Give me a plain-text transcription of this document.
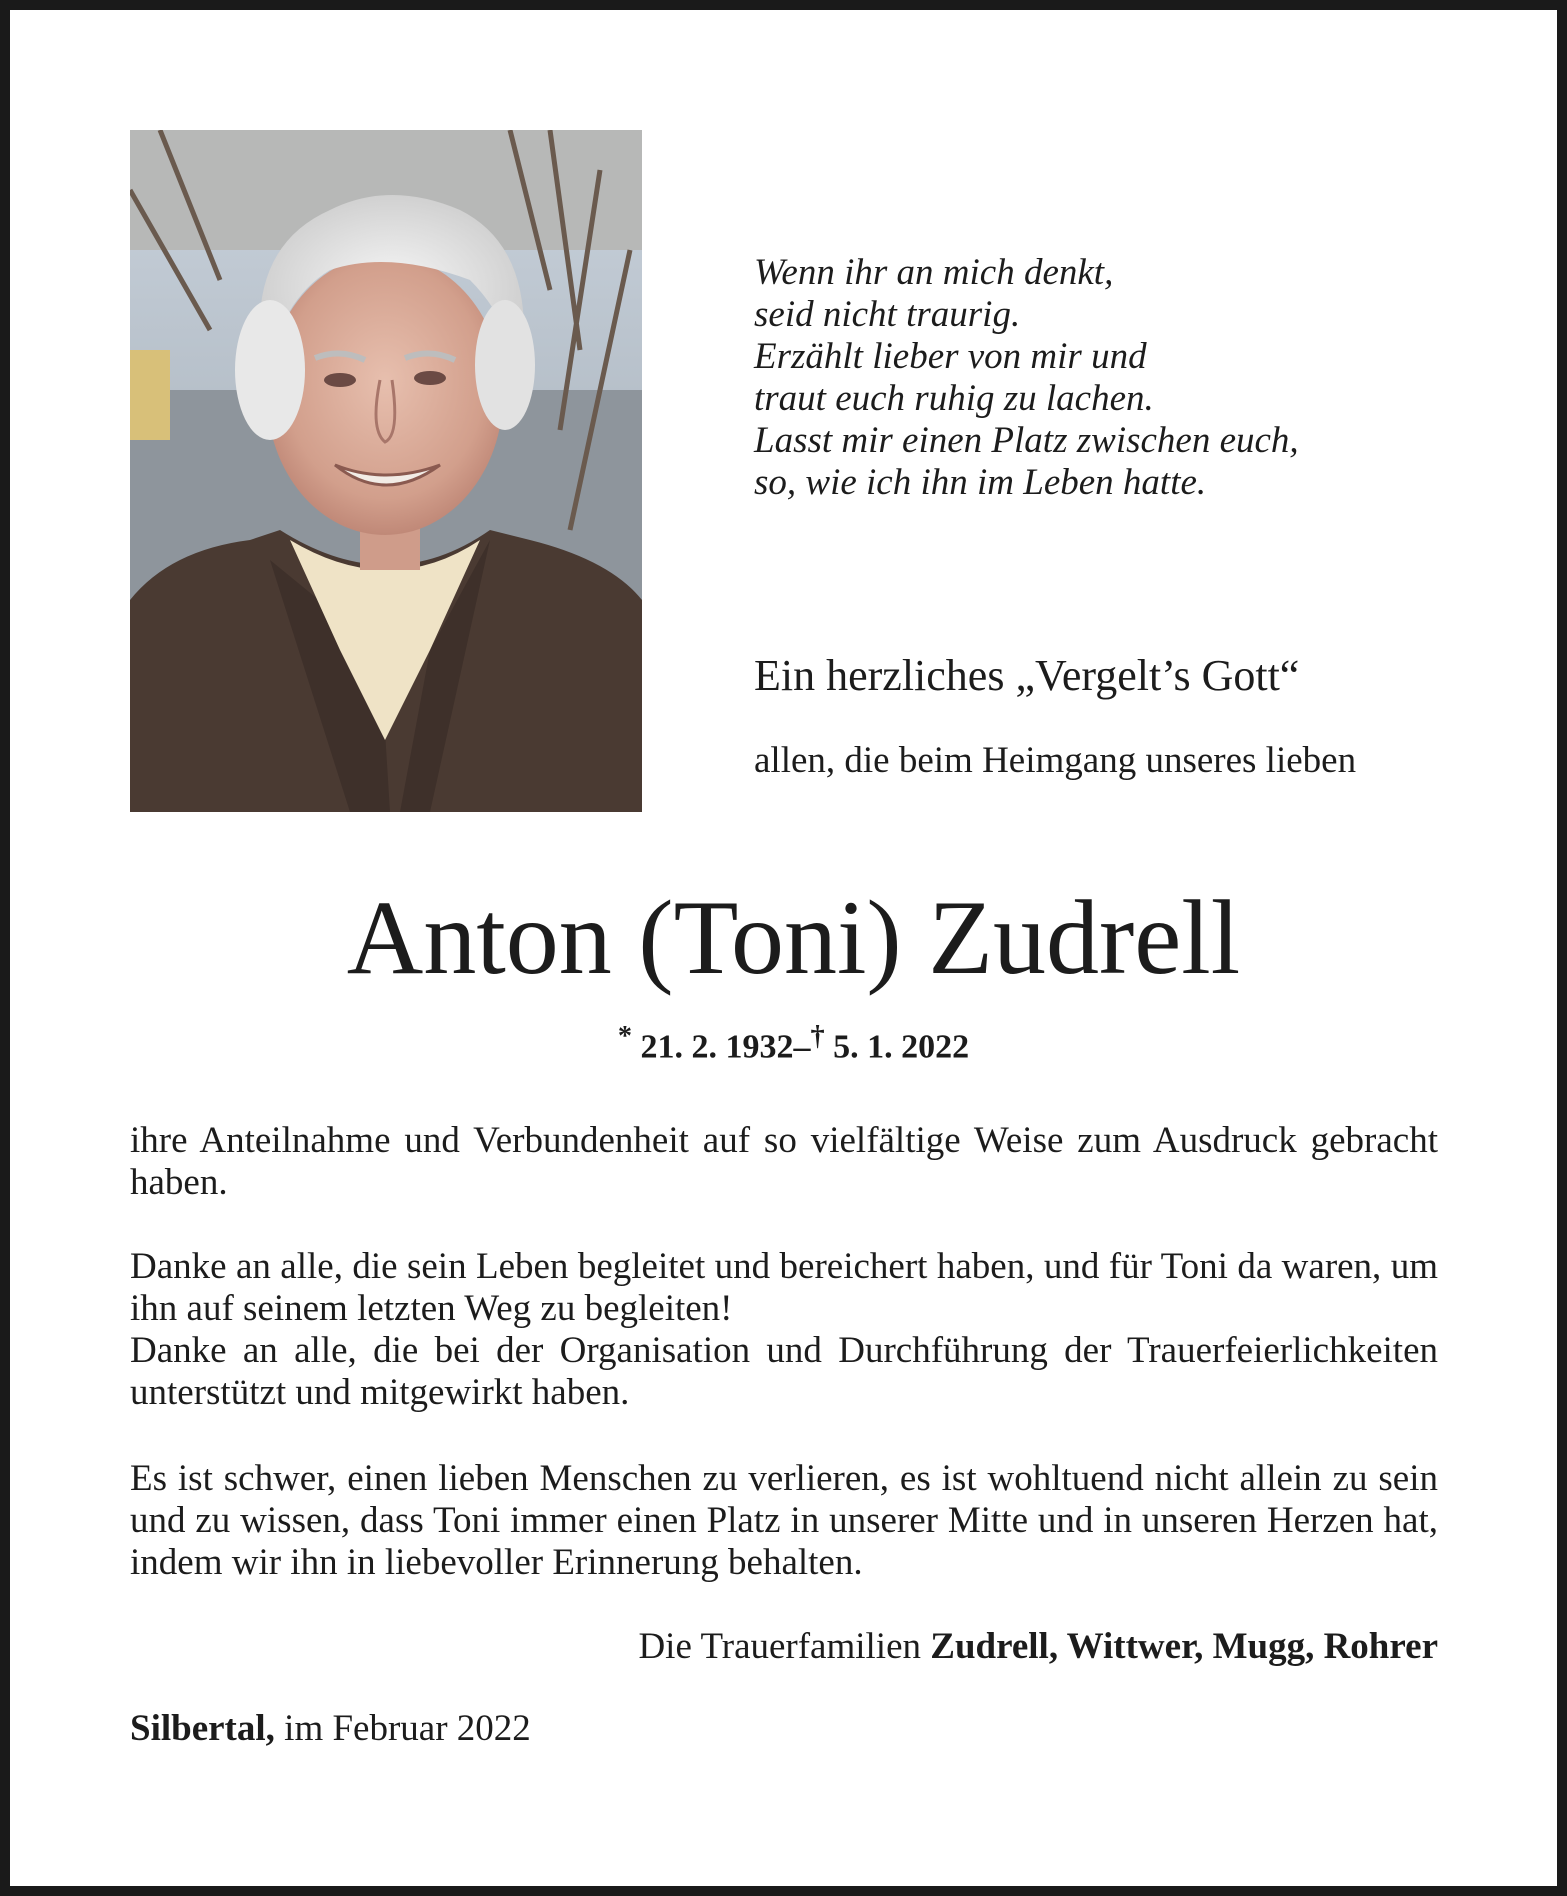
Wenn ihr an mich denkt,
seid nicht traurig.
Erzählt lieber von mir und
traut euch ruhig zu lachen.
Lasst mir einen Platz zwischen euch,
so, wie ich ihn im Leben hatte.
Ein herzliches „Vergelt’s Gott“
allen, die beim Heimgang unseres lieben
Anton (Toni) Zudrell
* 21. 2. 1932–† 5. 1. 2022
ihre Anteilnahme und Verbundenheit auf so vielfältige Weise zum Ausdruck gebracht haben.
Danke an alle, die sein Leben begleitet und bereichert haben, und für Toni da waren, um ihn auf seinem letzten Weg zu begleiten!
Danke an alle, die bei der Organisation und Durchführung der Trauerfeierlichkeiten unterstützt und mitgewirkt haben.
Es ist schwer, einen lieben Menschen zu verlieren, es ist wohltuend nicht allein zu sein und zu wissen, dass Toni immer einen Platz in unserer Mitte und in unseren Herzen hat, indem wir ihn in liebevoller Erinnerung behalten.
Die Trauerfamilien Zudrell, Wittwer, Mugg, Rohrer
Silbertal, im Februar 2022
